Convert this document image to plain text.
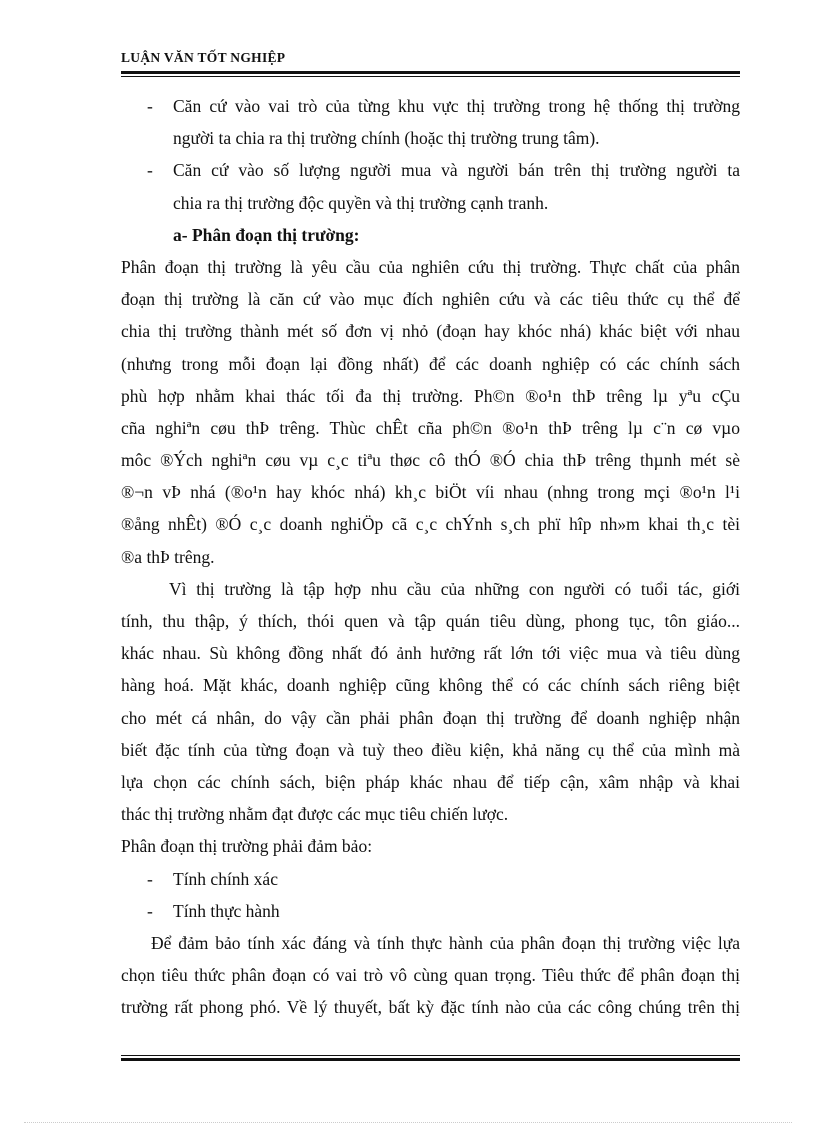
LUẬN VĂN TỐT NGHIỆP
- Căn cứ vào vai trò của từng khu vực thị trường trong hệ thống thị trường
người ta chia ra thị trường chính (hoặc thị trường trung tâm).
- Căn cứ vào số lượng người mua và người bán trên thị trường người ta
chia ra thị trường độc quyền và thị trường cạnh tranh.
a- Phân đoạn thị trường:
Phân đoạn thị trường là yêu cầu của nghiên cứu thị trường. Thực chất của phân
đoạn thị trường là căn cứ vào mục đích nghiên cứu và các tiêu thức cụ thể để
chia thị trường thành mét số đơn vị nhỏ (đoạn hay khóc nhá) khác biệt với nhau
(nhưng trong mỗi đoạn lại đồng nhất) để các doanh nghiệp có các chính sách
phù hợp nhằm khai thác tối đa thị trường. Ph©n ®o¹n thÞ trêng lµ yªu cÇu
cña nghiªn cøu thÞ trêng. Thùc chÊt cña ph©n ®o¹n thÞ trêng lµ c¨n cø vµo
môc ®Ých nghiªn cøu vµ c¸c tiªu thøc cô thÓ ®Ó chia thÞ trêng thµnh mét sè
®¬n vÞ nhá (®o¹n hay khóc nhá) kh¸c biÖt víi nhau (nhng trong mçi ®o¹n l¹i
®ång nhÊt) ®Ó c¸c doanh nghiÖp cã c¸c chÝnh s¸ch phï hîp nh»m khai th¸c tèi
®a thÞ trêng.
Vì thị trường là tập hợp nhu cầu của những con người có tuổi tác, giới
tính, thu thập, ý thích, thói quen và tập quán tiêu dùng, phong tục, tôn giáo...
khác nhau. Sù không đồng nhất đó ảnh hưởng rất lớn tới việc mua và tiêu dùng
hàng hoá. Mặt khác, doanh nghiệp cũng không thể có các chính sách riêng biệt
cho mét cá nhân, do vậy cần phải phân đoạn thị trường để doanh nghiệp nhận
biết đặc tính của từng đoạn và tuỳ theo điều kiện, khả năng cụ thể của mình mà
lựa chọn các chính sách, biện pháp khác nhau để tiếp cận, xâm nhập và khai
thác thị trường nhằm đạt được các mục tiêu chiến lược.
Phân đoạn thị trường phải đảm bảo:
- Tính chính xác
- Tính thực hành
Để đảm bảo tính xác đáng và tính thực hành của phân đoạn thị trường việc lựa
chọn tiêu thức phân đoạn có vai trò vô cùng quan trọng. Tiêu thức để phân đoạn thị
trường rất phong phó. Về lý thuyết, bất kỳ đặc tính nào của các công chúng trên thị
